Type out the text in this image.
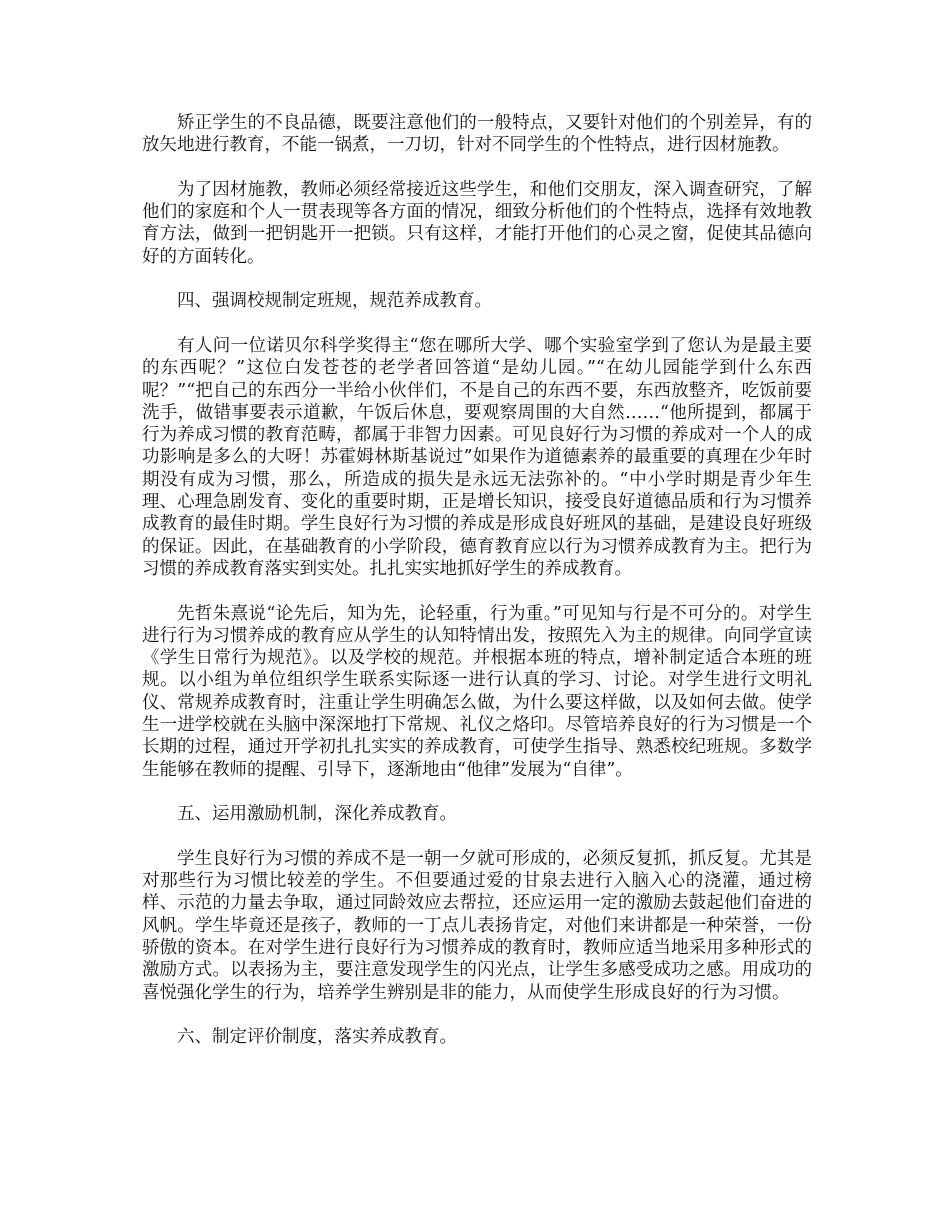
矫正学生的不良品德，既要注意他们的一般特点，又要针对他们的个别差异，有的放矢地进行教育，不能一锅煮，一刀切，针对不同学生的个性特点，进行因材施教。

为了因材施教，教师必须经常接近这些学生，和他们交朋友，深入调查研究，了解他们的家庭和个人一贯表现等各方面的情况，细致分析他们的个性特点，选择有效地教育方法，做到一把钥匙开一把锁。只有这样，才能打开他们的心灵之窗，促使其品德向好的方面转化。

四、强调校规制定班规，规范养成教育。

有人问一位诺贝尔科学奖得主“您在哪所大学、哪个实验室学到了您认为是最主要的东西呢？”这位白发苍苍的老学者回答道“是幼儿园。”“在幼儿园能学到什么东西呢？”“把自己的东西分一半给小伙伴们，不是自己的东西不要，东西放整齐，吃饭前要洗手，做错事要表示道歉，午饭后休息，要观察周围的大自然……“他所提到，都属于行为养成习惯的教育范畴，都属于非智力因素。可见良好行为习惯的养成对一个人的成功影响是多么的大呀！苏霍姆林斯基说过”如果作为道德素养的最重要的真理在少年时期没有成为习惯，那么，所造成的损失是永远无法弥补的。“中小学时期是青少年生理、心理急剧发育、变化的重要时期，正是增长知识，接受良好道德品质和行为习惯养成教育的最佳时期。学生良好行为习惯的养成是形成良好班风的基础，是建设良好班级的保证。因此，在基础教育的小学阶段，德育教育应以行为习惯养成教育为主。把行为习惯的养成教育落实到实处。扎扎实实地抓好学生的养成教育。

先哲朱熹说“论先后，知为先，论轻重，行为重。”可见知与行是不可分的。对学生进行行为习惯养成的教育应从学生的认知特情出发，按照先入为主的规律。向同学宣读《学生日常行为规范》。以及学校的规范。并根据本班的特点，增补制定适合本班的班规。以小组为单位组织学生联系实际逐一进行认真的学习、讨论。对学生进行文明礼仪、常规养成教育时，注重让学生明确怎么做，为什么要这样做，以及如何去做。使学生一进学校就在头脑中深深地打下常规、礼仪之烙印。尽管培养良好的行为习惯是一个长期的过程，通过开学初扎扎实实的养成教育，可使学生指导、熟悉校纪班规。多数学生能够在教师的提醒、引导下，逐渐地由“他律”发展为“自律”。

五、运用激励机制，深化养成教育。

学生良好行为习惯的养成不是一朝一夕就可形成的，必须反复抓，抓反复。尤其是对那些行为习惯比较差的学生。不但要通过爱的甘泉去进行入脑入心的浇灌，通过榜样、示范的力量去争取，通过同龄效应去帮拉，还应运用一定的激励去鼓起他们奋进的风帆。学生毕竟还是孩子，教师的一丁点儿表扬肯定，对他们来讲都是一种荣誉，一份骄傲的资本。在对学生进行良好行为习惯养成的教育时，教师应适当地采用多种形式的激励方式。以表扬为主，要注意发现学生的闪光点，让学生多感受成功之感。用成功的喜悦强化学生的行为，培养学生辨别是非的能力，从而使学生形成良好的行为习惯。

六、制定评价制度，落实养成教育。
